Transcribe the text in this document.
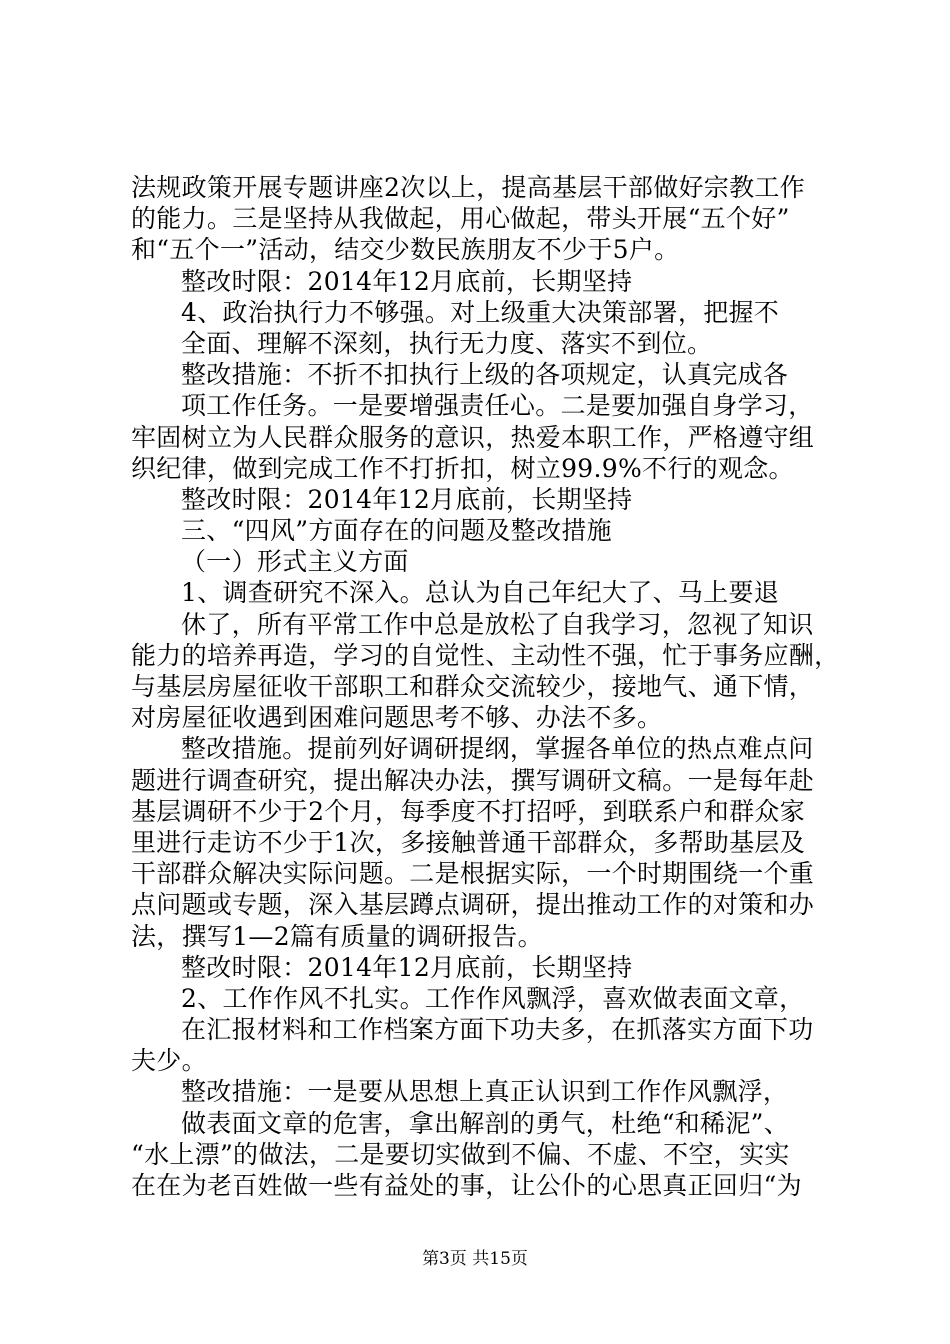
法规政策开展专题讲座2次以上，提高基层干部做好宗教工作
的能力。三是坚持从我做起，用心做起，带头开展“五个好”
和“五个一”活动，结交少数民族朋友不少于5户。
整改时限：2014年12月底前，长期坚持
4、政治执行力不够强。对上级重大决策部署，把握不
全面、理解不深刻，执行无力度、落实不到位。
整改措施：不折不扣执行上级的各项规定，认真完成各
项工作任务。一是要增强责任心。二是要加强自身学习，
牢固树立为人民群众服务的意识，热爱本职工作，严格遵守组
织纪律，做到完成工作不打折扣，树立99.9%不行的观念。
整改时限：2014年12月底前，长期坚持
三、“四风”方面存在的问题及整改措施
（一）形式主义方面
1、调查研究不深入。总认为自己年纪大了、马上要退
休了，所有平常工作中总是放松了自我学习，忽视了知识
能力的培养再造，学习的自觉性、主动性不强，忙于事务应酬，
与基层房屋征收干部职工和群众交流较少，接地气、通下情，
对房屋征收遇到困难问题思考不够、办法不多。
整改措施。提前列好调研提纲，掌握各单位的热点难点问
题进行调查研究，提出解决办法，撰写调研文稿。一是每年赴
基层调研不少于2个月，每季度不打招呼，到联系户和群众家
里进行走访不少于1次，多接触普通干部群众，多帮助基层及
干部群众解决实际问题。二是根据实际，一个时期围绕一个重
点问题或专题，深入基层蹲点调研，提出推动工作的对策和办
法，撰写1—2篇有质量的调研报告。
整改时限：2014年12月底前，长期坚持
2、工作作风不扎实。工作作风飘浮，喜欢做表面文章，
在汇报材料和工作档案方面下功夫多，在抓落实方面下功
夫少。
整改措施：一是要从思想上真正认识到工作作风飘浮，
做表面文章的危害，拿出解剖的勇气，杜绝“和稀泥”、
“水上漂”的做法，二是要切实做到不偏、不虚、不空，实实
在在为老百姓做一些有益处的事，让公仆的心思真正回归“为
第3页 共15页
